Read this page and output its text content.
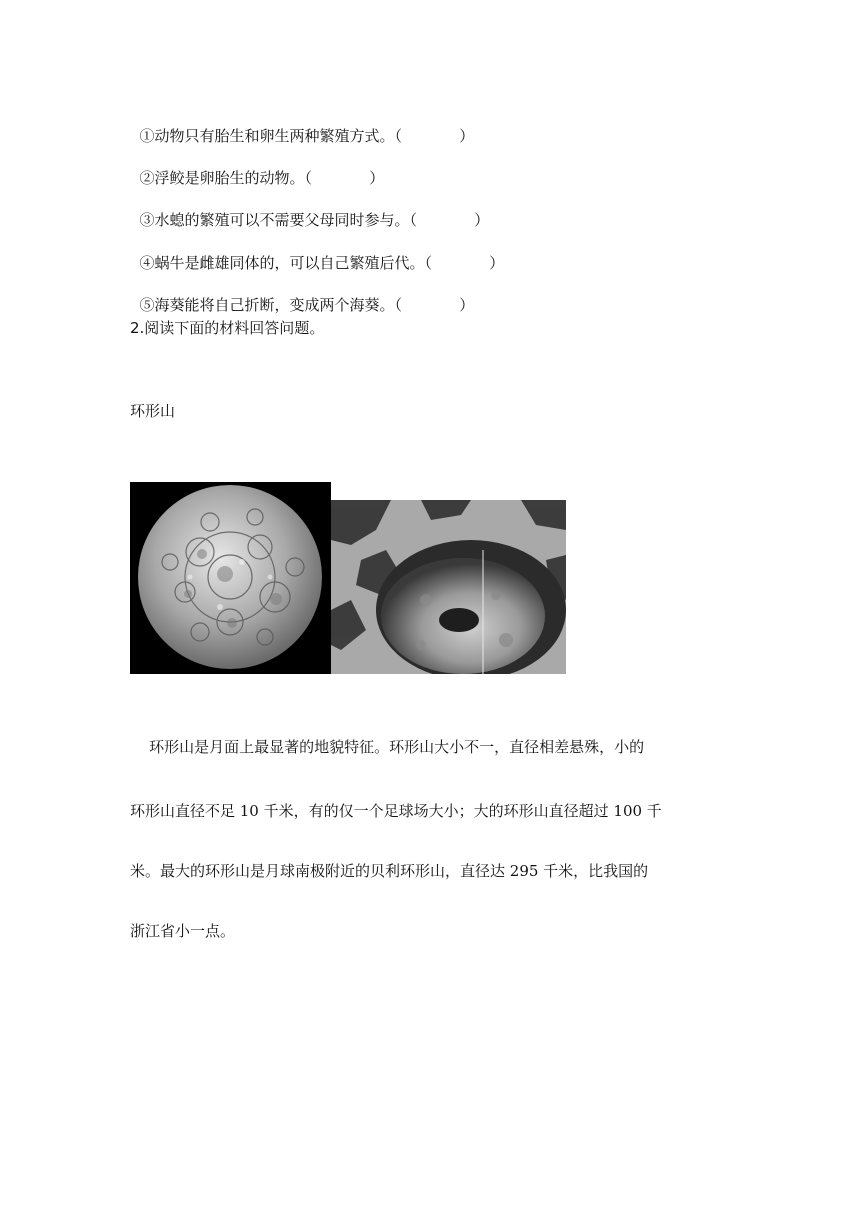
①动物只有胎生和卵生两种繁殖方式。（	）

②浮鲛是卵胎生的动物。（	）

③水螅的繁殖可以不需要父母同时参与。（	）

④蜗牛是雌雄同体的，可以自己繁殖后代。（	）

⑤海葵能将自己折断，变成两个海葵。（	）

2.阅读下面的材料回答问题。
环形山
环形山是月面上最显著的地貌特征。环形山大小不一，直径相差悬殊，小的
环形山直径不足 10 千米，有的仅一个足球场大小；大的环形山直径超过 100 千
米。最大的环形山是月球南极附近的贝利环形山，直径达 295 千米，比我国的
浙江省小一点。
